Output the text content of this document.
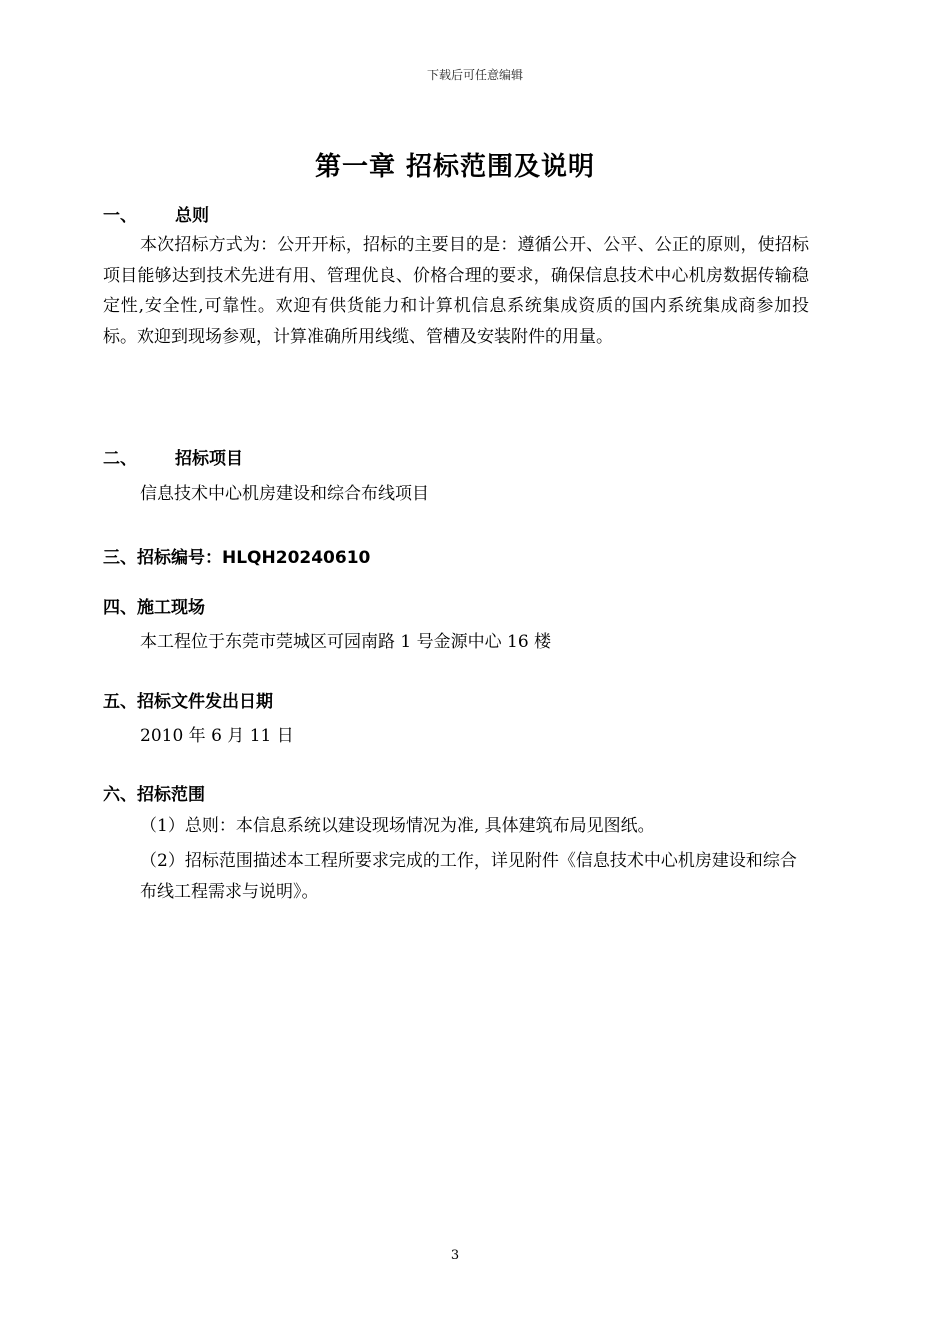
下载后可任意编辑
第一章 招标范围及说明
一、 总则

本次招标方式为：公开开标，招标的主要目的是：遵循公开、公平、公正的原则，使招标项目能够达到技术先进有用、管理优良、价格合理的要求，确保信息技术中心机房数据传输稳定性,安全性,可靠性。欢迎有供货能力和计算机信息系统集成资质的国内系统集成商参加投标。欢迎到现场参观，计算准确所用线缆、管槽及安装附件的用量。

二、 招标项目
信息技术中心机房建设和综合布线项目
三、招标编号：HLQH20240610
四、施工现场
本工程位于东莞市莞城区可园南路 1 号金源中心 16 楼
五、招标文件发出日期
2010 年 6 月 11 日
六、招标范围

（1）总则：本信息系统以建设现场情况为准, 具体建筑布局见图纸。

（2）招标范围描述本工程所要求完成的工作，详见附件《信息技术中心机房建设和综合布线工程需求与说明》。

3
